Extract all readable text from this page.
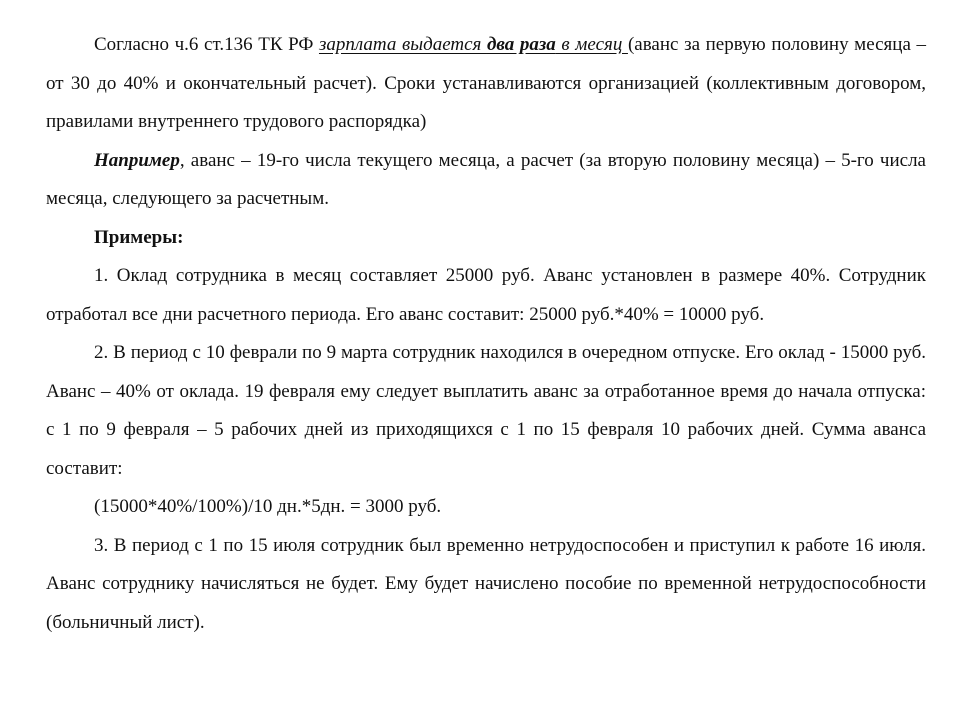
Согласно ч.6 ст.136 ТК РФ зарплата выдается два раза в месяц (аванс за первую половину месяца – от 30 до 40% и окончательный расчет). Сроки устанавливаются организацией (коллективным договором, правилами внутреннего трудового распорядка)

Например, аванс – 19-го числа текущего месяца, а расчет (за вторую половину месяца) – 5-го числа месяца, следующего за расчетным.

Примеры:

1. Оклад сотрудника в месяц составляет 25000 руб. Аванс установлен в размере 40%. Сотрудник отработал все дни расчетного периода. Его аванс составит: 25000 руб.*40% = 10000 руб.

2. В период с 10 феврали по 9 марта сотрудник находился в очередном отпуске. Его оклад - 15000 руб. Аванс – 40% от оклада. 19 февраля ему следует выплатить аванс за отработанное время до начала отпуска: с 1 по 9 февраля – 5 рабочих дней из приходящихся с 1 по 15 февраля 10 рабочих дней. Сумма аванса составит:

(15000*40%/100%)/10 дн.*5дн. = 3000 руб.

3. В период с 1 по 15 июля сотрудник был временно нетрудоспособен и приступил к работе 16 июля. Аванс сотруднику начисляться не будет. Ему будет начислено пособие по временной нетрудоспособности (больничный лист).
